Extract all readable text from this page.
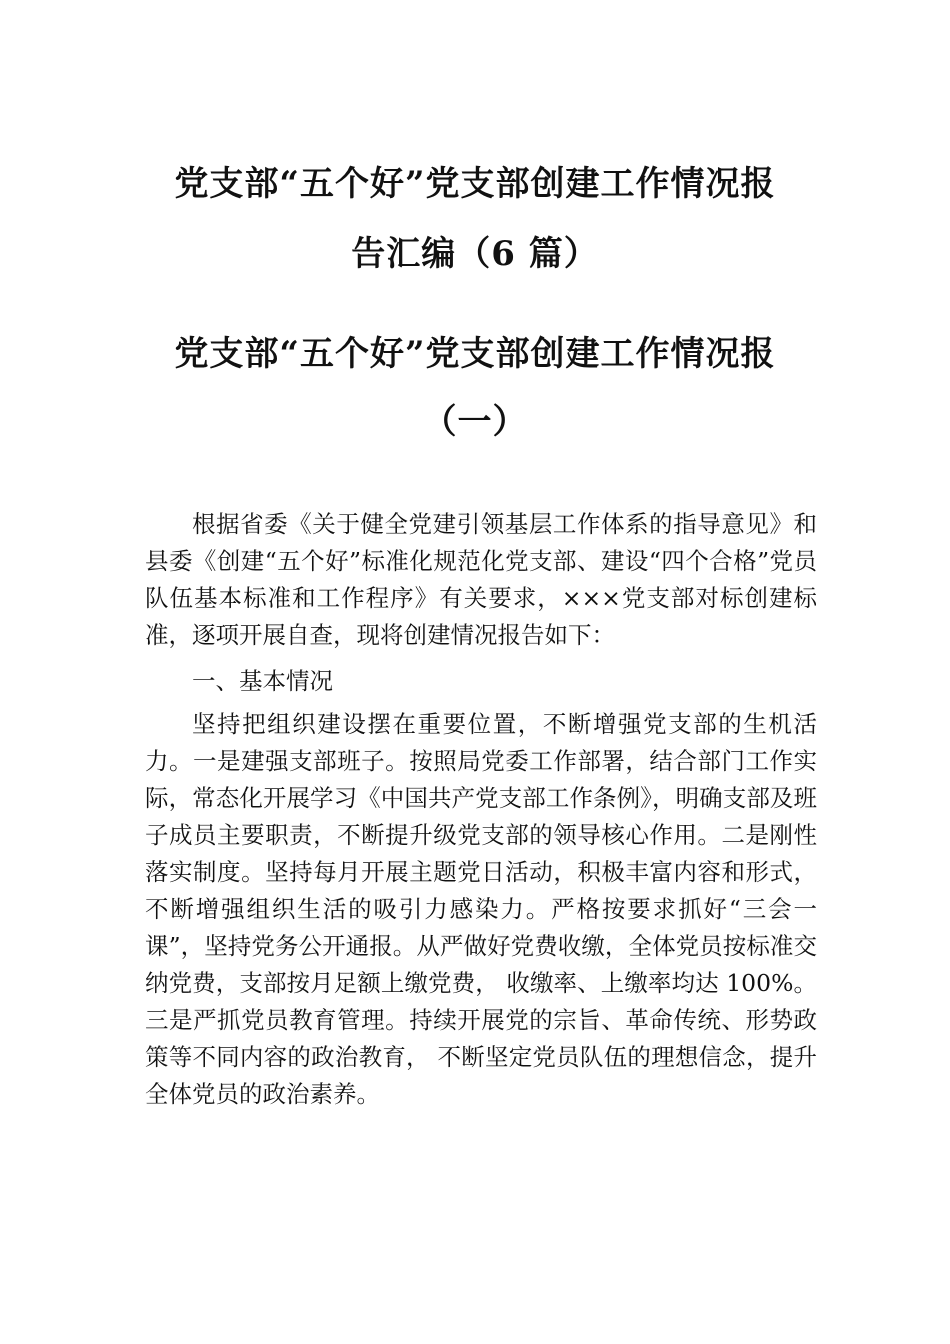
党支部“五个好”党支部创建工作情况报
告汇编（6 篇）
党支部“五个好”党支部创建工作情况报
（一）

根据省委《关于健全党建引领基层工作体系的指导意见》和县委《创建“五个好”标准化规范化党支部、建设“四个合格”党员队伍基本标准和工作程序》有关要求，×××党支部对标创建标准，逐项开展自查，现将创建情况报告如下：

一、基本情况

坚持把组织建设摆在重要位置，不断增强党支部的生机活力。一是建强支部班子。按照局党委工作部署，结合部门工作实际，常态化开展学习《中国共产党支部工作条例》，明确支部及班子成员主要职责，不断提升级党支部的领导核心作用。二是刚性落实制度。坚持每月开展主题党日活动，积极丰富内容和形式，不断增强组织生活的吸引力感染力。严格按要求抓好“三会一课”，坚持党务公开通报。从严做好党费收缴，全体党员按标准交纳党费，支部按月足额上缴党费， 收缴率、上缴率均达 100%。三是严抓党员教育管理。持续开展党的宗旨、革命传统、形势政策等不同内容的政治教育， 不断坚定党员队伍的理想信念，提升全体党员的政治素养。
